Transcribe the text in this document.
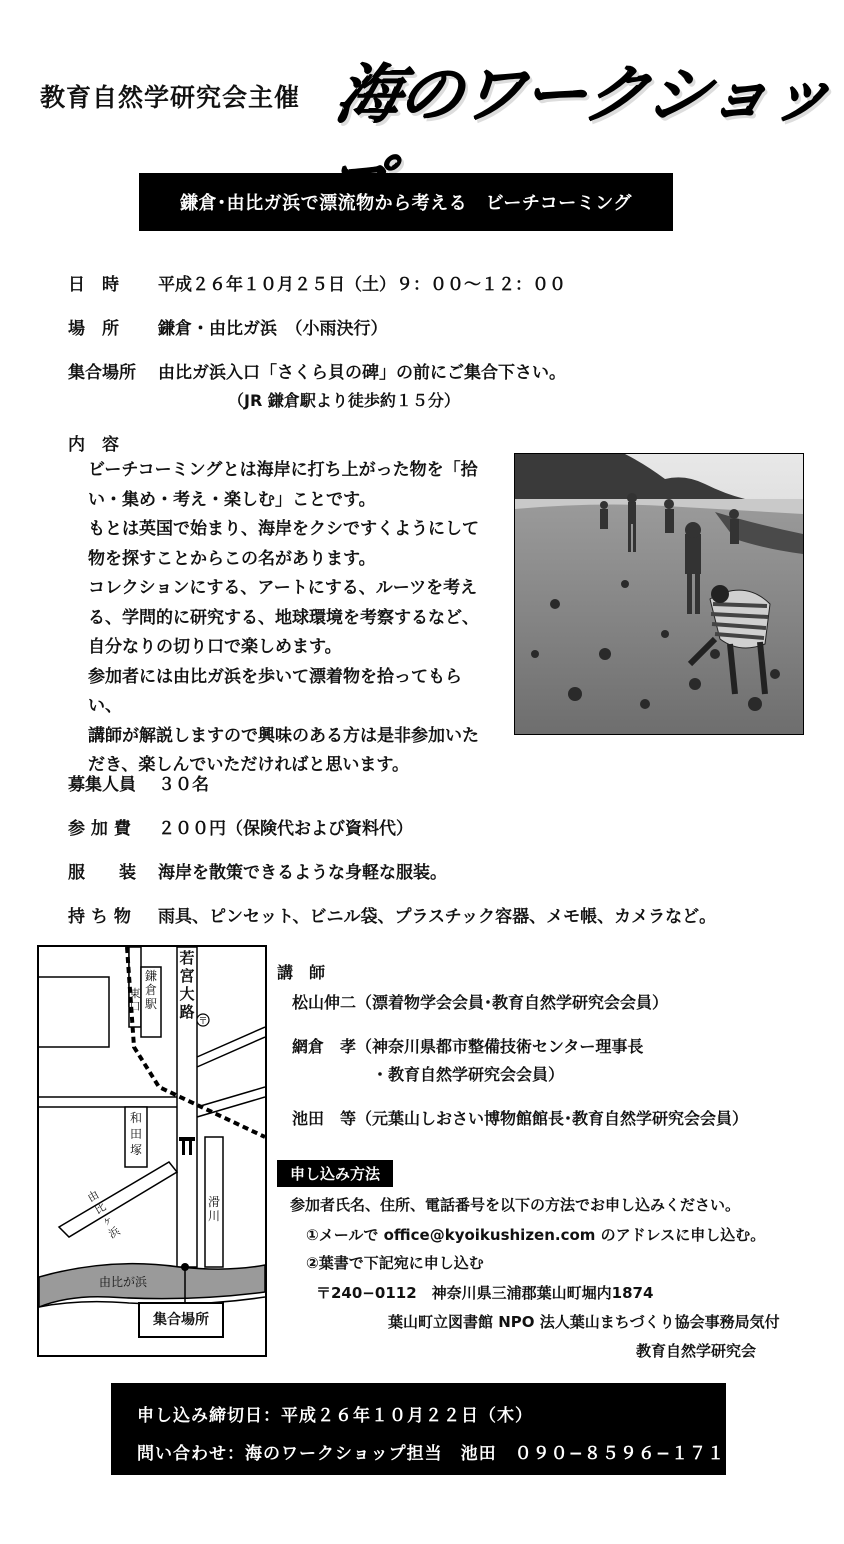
教育自然学研究会主催 海のワークショップ
鎌倉･由比ガ浜で漂流物から考える　ビーチコーミング
日　時 平成２６年１０月２５日（土）９：００～１２：００
場　所 鎌倉・由比ガ浜　（小雨決行）
集合場所 由比ガ浜入口「さくら貝の碑」の前にご集合下さい。
（JR 鎌倉駅より徒歩約１５分）
内　容
ビーチコーミングとは海岸に打ち上がった物を「拾
い・集め・考え・楽しむ」ことです。
もとは英国で始まり、海岸をクシですくようにして
物を探すことからこの名があります。
コレクションにする、アートにする、ルーツを考え
る、学問的に研究する、地球環境を考察するなど、
自分なりの切り口で楽しめます。
参加者には由比ガ浜を歩いて漂着物を拾ってもらい、
講師が解説しますので興味のある方は是非参加いた
だき、楽しんでいただければと思います。
募集人員 ３０名
参 加 費 ２００円（保険代および資料代）
服　　装 海岸を散策できるような身軽な服装。
持 ち 物 雨具、ピンセット、ビニル袋、プラスチック容器、メモ帳、カメラなど。
〒
若宮大路
鎌倉駅
東口
和田塚
由比ヶ浜
滑川
由比が浜
集合場所
講　師
松山伸二（漂着物学会会員･教育自然学研究会会員）
網倉　孝（神奈川県都市整備技術センター理事長
・教育自然学研究会会員）
池田　等（元葉山しおさい博物館館長･教育自然学研究会会員）
申し込み方法
参加者氏名、住所、電話番号を以下の方法でお申し込みください。
①メールで office@kyoikushizen.com のアドレスに申し込む。
②葉書で下記宛に申し込む
〒240−0112　神奈川県三浦郡葉山町堀内1874
葉山町立図書館 NPO 法人葉山まちづくり協会事務局気付
教育自然学研究会
申し込み締切日：平成２６年１０月２２日（木）
問い合わせ：海のワークショップ担当　池田　０９０−８５９６−１７１３
